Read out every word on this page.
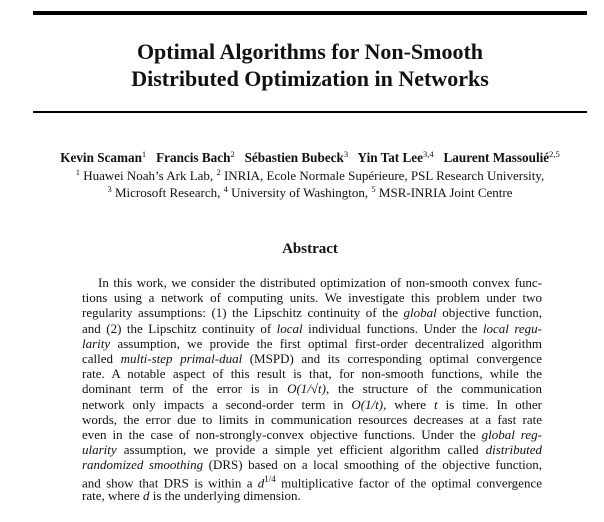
Optimal Algorithms for Non-Smooth
Distributed Optimization in Networks
Kevin Scaman$^1$ Francis Bach$^2$ Sébastien Bubeck$^3$ Yin Tat Lee$^{3,4}$ Laurent Massoulié$^{2,5}$
$^1$ Huawei Noah’s Ark Lab, $^2$ INRIA, Ecole Normale Supérieure, PSL Research University,
$^3$ Microsoft Research, $^4$ University of Washington, $^5$ MSR-INRIA Joint Centre
Abstract
In this work, we consider the distributed optimization of non-smooth convex func-
tions using a network of computing units. We investigate this problem under two
regularity assumptions: (1) the Lipschitz continuity of the global objective function,
and (2) the Lipschitz continuity of local individual functions. Under the local regu-
larity assumption, we provide the first optimal first-order decentralized algorithm
called multi-step primal-dual (MSPD) and its corresponding optimal convergence
rate. A notable aspect of this result is that, for non-smooth functions, while the
dominant term of the error is in O(1/√t), the structure of the communication
network only impacts a second-order term in O(1/t), where t is time. In other
words, the error due to limits in communication resources decreases at a fast rate
even in the case of non-strongly-convex objective functions. Under the global reg-
ularity assumption, we provide a simple yet efficient algorithm called distributed
randomized smoothing (DRS) based on a local smoothing of the objective function,
and show that DRS is within a $d^{1/4}$ multiplicative factor of the optimal convergence
rate, where d is the underlying dimension.
